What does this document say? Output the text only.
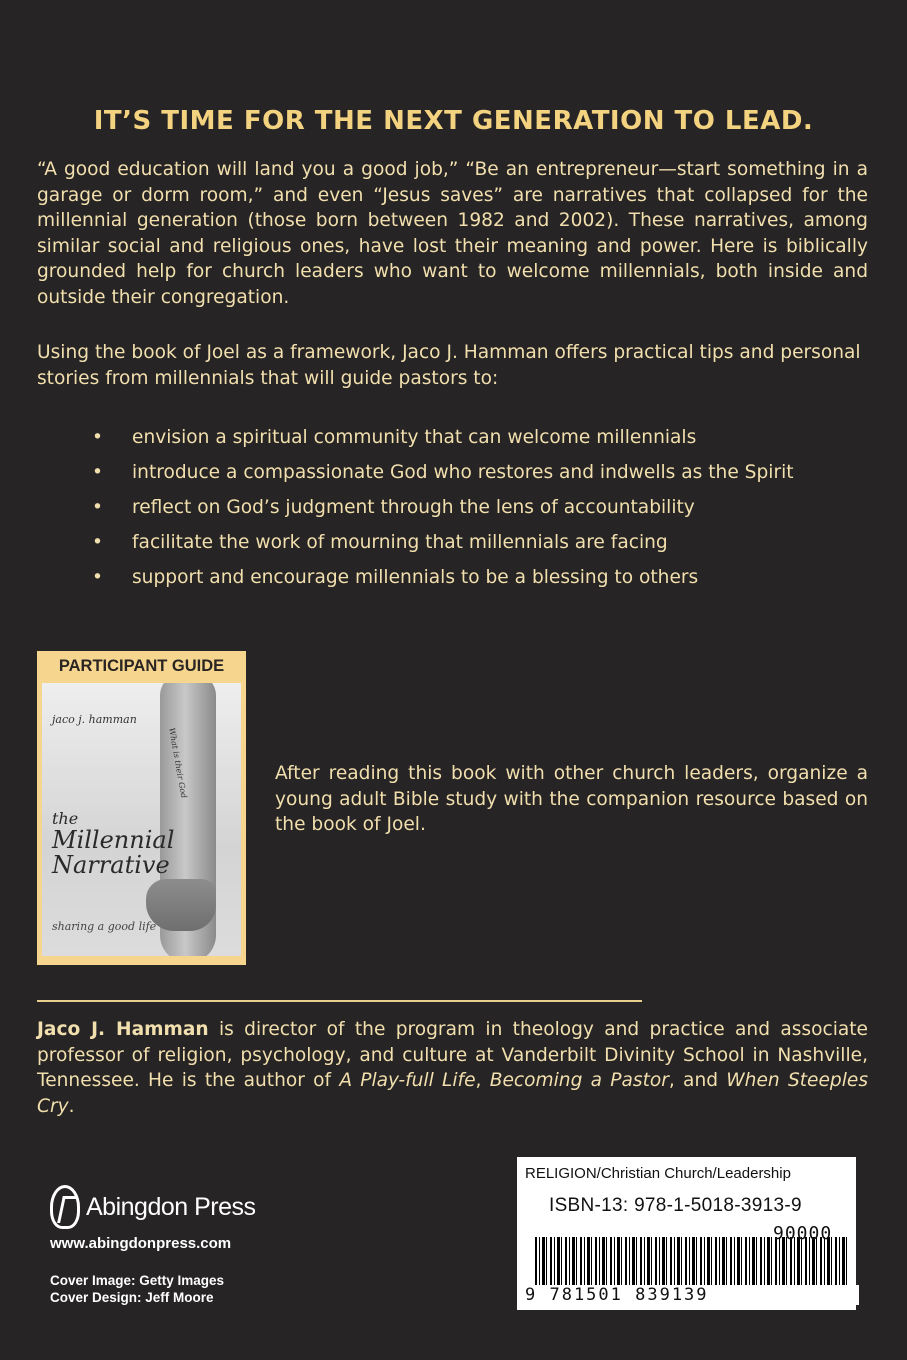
IT’S TIME FOR THE NEXT GENERATION TO LEAD.
“A good education will land you a good job,” “Be an entrepreneur—start something in a garage or dorm room,” and even “Jesus saves” are narratives that collapsed for the millennial generation (those born between 1982 and 2002). These narratives, among similar social and religious ones, have lost their meaning and power. Here is biblically grounded help for church leaders who want to welcome millennials, both inside and outside their congregation.
Using the book of Joel as a framework, Jaco J. Hamman offers practical tips and personal stories from millennials that will guide pastors to:
• envision a spiritual community that can welcome millennials
• introduce a compassionate God who restores and indwells as the Spirit
• reflect on God’s judgment through the lens of accountability
• facilitate the work of mourning that millennials are facing
• support and encourage millennials to be a blessing to others
PARTICIPANT GUIDE
What is their God
jaco j. hamman
the
Millennial
Narrative
sharing a good life
After reading this book with other church leaders, organize a young adult Bible study with the companion resource based on the book of Joel.
Jaco J. Hamman is director of the program in theology and practice and associate professor of religion, psychology, and culture at Vanderbilt Divinity School in Nashville, Tennessee. He is the author of A Play-full Life, Becoming a Pastor, and When Steeples Cry.
Abingdon Press
www.abingdonpress.com
Cover Image: Getty Images
Cover Design: Jeff Moore
RELIGION/Christian Church/Leadership
ISBN-13: 978-1-5018-3913-9
90000
9 781501 839139
